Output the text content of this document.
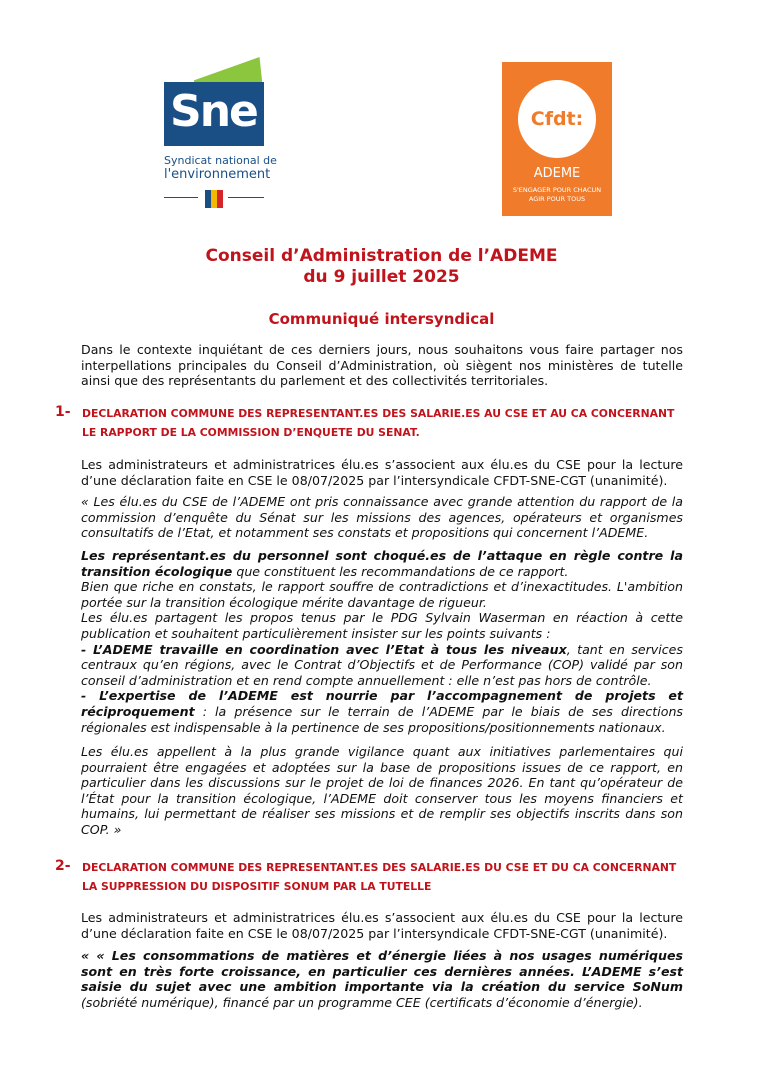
Sne
Syndicat national de
l'environnement
Cfdt:
ADEME
S'ENGAGER POUR CHACUN
AGIR POUR TOUS
Conseil d’Administration de l’ADEME
du 9 juillet 2025
Communiqué intersyndical

Dans le contexte inquiétant de ces derniers jours, nous souhaitons vous faire partager nos interpellations principales du Conseil d’Administration, où siègent nos ministères de tutelle ainsi que des représentants du parlement et des collectivités territoriales.

1- DECLARATION COMMUNE DES REPRESENTANT.ES DES SALARIE.ES AU CSE ET AU CA CONCERNANT LE RAPPORT DE LA COMMISSION D’ENQUETE DU SENAT.

Les administrateurs et administratrices élu.es s’associent aux élu.es du CSE pour la lecture d’une déclaration faite en CSE le 08/07/2025 par l’intersyndicale CFDT-SNE-CGT (unanimité).

« Les élu.es du CSE de l’ADEME ont pris connaissance avec grande attention du rapport de la commission d’enquête du Sénat sur les missions des agences, opérateurs et organismes consultatifs de l’Etat, et notamment ses constats et propositions qui concernent l’ADEME.

Les représentant.es du personnel sont choqué.es de l’attaque en règle contre la transition écologique que constituent les recommandations de ce rapport.

Bien que riche en constats, le rapport souffre de contradictions et d’inexactitudes. L'ambition portée sur la transition écologique mérite davantage de rigueur.

Les élu.es partagent les propos tenus par le PDG Sylvain Waserman en réaction à cette publication et souhaitent particulièrement insister sur les points suivants :

- L’ADEME travaille en coordination avec l’Etat à tous les niveaux, tant en services centraux qu’en régions, avec le Contrat d’Objectifs et de Performance (COP) validé par son conseil d’administration et en rend compte annuellement : elle n’est pas hors de contrôle.

- L’expertise de l’ADEME est nourrie par l’accompagnement de projets et réciproquement : la présence sur le terrain de l’ADEME par le biais de ses directions régionales est indispensable à la pertinence de ses propositions/positionnements nationaux.

Les élu.es appellent à la plus grande vigilance quant aux initiatives parlementaires qui pourraient être engagées et adoptées sur la base de propositions issues de ce rapport, en particulier dans les discussions sur le projet de loi de finances 2026. En tant qu’opérateur de l’État pour la transition écologique, l’ADEME doit conserver tous les moyens financiers et humains, lui permettant de réaliser ses missions et de remplir ses objectifs inscrits dans son COP. »

2- DECLARATION COMMUNE DES REPRESENTANT.ES DES SALARIE.ES DU CSE ET DU CA CONCERNANT LA SUPPRESSION DU DISPOSITIF SONUM PAR LA TUTELLE

Les administrateurs et administratrices élu.es s’associent aux élu.es du CSE pour la lecture d’une déclaration faite en CSE le 08/07/2025 par l’intersyndicale CFDT-SNE-CGT (unanimité).

« « Les consommations de matières et d’énergie liées à nos usages numériques sont en très forte croissance, en particulier ces dernières années. L’ADEME s’est saisie du sujet avec une ambition importante via la création du service SoNum (sobriété numérique), financé par un programme CEE (certificats d’économie d’énergie).
